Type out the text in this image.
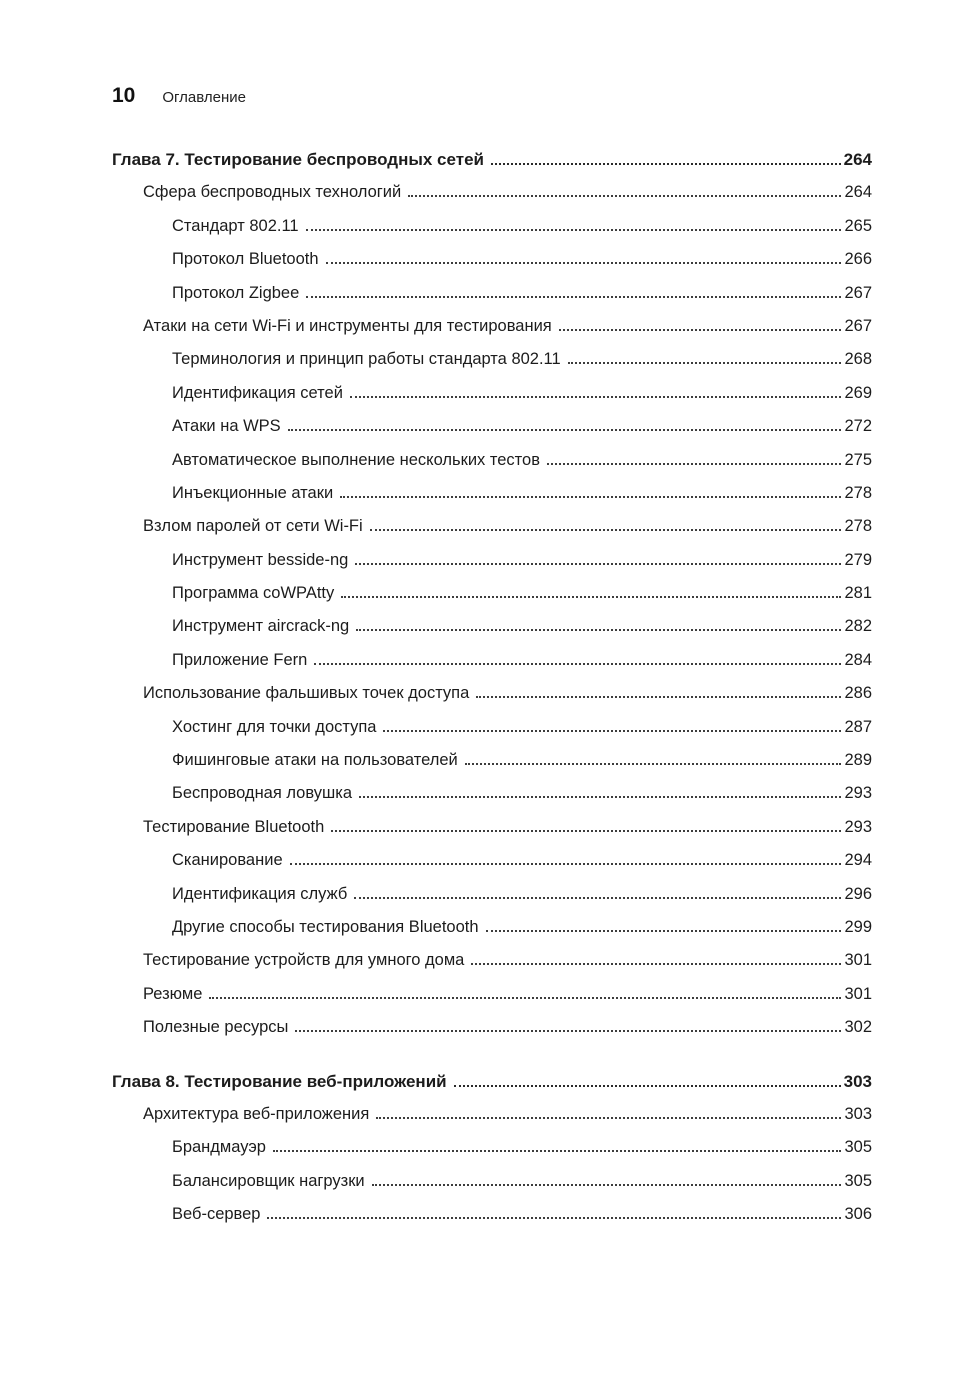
10 Оглавление
Глава 7. Тестирование беспроводных сетей	264
Сфера беспроводных технологий	264
Стандарт 802.11	265
Протокол Bluetooth	266
Протокол Zigbee	267
Атаки на сети Wi-Fi и инструменты для тестирования	267
Терминология и принцип работы стандарта 802.11	268
Идентификация сетей	269
Атаки на WPS	272
Автоматическое выполнение нескольких тестов	275
Инъекционные атаки	278
Взлом паролей от сети Wi-Fi	278
Инструмент besside-ng	279
Программа coWPAtty	281
Инструмент aircrack-ng	282
Приложение Fern	284
Использование фальшивых точек доступа	286
Хостинг для точки доступа	287
Фишинговые атаки на пользователей	289
Беспроводная ловушка	293
Тестирование Bluetooth	293
Сканирование	294
Идентификация служб	296
Другие способы тестирования Bluetooth	299
Тестирование устройств для умного дома	301
Резюме	301
Полезные ресурсы	302
Глава 8. Тестирование веб-приложений	303
Архитектура веб-приложения	303
Брандмауэр	305
Балансировщик нагрузки	305
Веб-сервер	306
